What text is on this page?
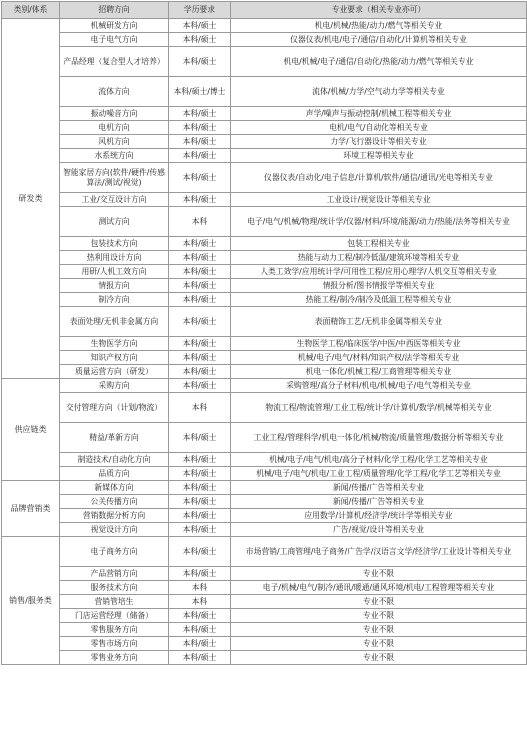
类别/体系	招聘方向	学历要求	专业要求（相关专业亦可）
研发类	机械研发方向	本科/硕士	机电/机械/热能/动力/燃气等相关专业
	电子电气方向	本科/硕士	仪器仪表/机电/电子/通信/自动化/计算机等相关专业
	产品经理（复合型人才培养）	本科/硕士	机电/机械/电子/通信/自动化/热能/动力/燃气等相关专业
	流体方向	本科/硕士/博士	流体/机械/力学/空气动力学等相关专业
	振动噪音方向	本科/硕士	声学/噪声与振动控制/机械工程等相关专业
	电机方向	本科/硕士	电机/电气/自动化等相关专业
	风机方向	本科/硕士	力学/飞行器设计等相关专业
	水系统方向	本科/硕士	环境工程等相关专业
	智能家居方向(软件/硬件/传感算法/测试/视觉)	本科/硕士	仪器仪表/自动化/电子信息/计算机/软件/通信/通讯/光电等相关专业
	工业/交互设计方向	本科/硕士	工业设计/视觉设计等相关专业
	测试方向	本科	电子/电气/机械/物理/统计学/仪器/材料/环境/能源/动力/热能/法务等相关专业
	包装技术方向	本科/硕士	包装工程相关专业
	热利用设计方向	本科/硕士	热能与动力工程/制冷低温/建筑环境等相关专业
	用研/人机工效方向	本科/硕士	人类工效学/应用统计学/可用性工程/应用心理学/人机交互等相关专业
	情报方向	本科/硕士	情报分析/图书情报学等相关专业
	制冷方向	本科/硕士	热能工程/制冷/制冷及低温工程等相关专业
	表面处理/无机非金属方向	本科/硕士	表面精饰工艺/无机非金属等相关专业
	生物医学方向	本科/硕士	生物医学工程/临床医学/中医/中西医等相关专业
	知识产权方向	本科/硕士	机械/电子/电气/材料/知识产权/法学等相关专业
	质量运营方向（研发）	本科/硕士	机电一体化/机械工程/工商管理等相关专业
供应链类	采购方向	本科/硕士	采购管理/高分子材料/机电/机械/电子/电气等相关专业
	交付管理方向（计划/物流）	本科	物流工程/物流管理/工业工程/统计学/计算机/数学/机械等相关专业
	精益/革新方向	本科/硕士	工业工程/管理科学/机电一体化/机械/物流/质量管理/数据分析等相关专业
	制造技术/自动化方向	本科/硕士	机械/电子/电气/机电/高分子材料/化学工程/化学工艺等相关专业
	品质方向	本科/硕士	机械/电子/电气/机电/工业工程/质量管理/化学工程/化学工艺等相关专业
品牌营销类	新媒体方向	本科/硕士	新闻/传播/广告等相关专业
	公关传播方向	本科/硕士	新闻/传播/广告等相关专业
	营销数据分析方向	本科/硕士	应用数学/计算机/经济学/统计学等相关专业
	视觉设计方向	本科/硕士	广告/视觉/设计等相关专业
销售/服务类	电子商务方向	本科/硕士	市场营销/工商管理/电子商务/广告学/汉语言文学/经济学/工业设计等相关专业
	产品营销方向	本科/硕士	专业不限
	服务技术方向	本科	电子/机械/电气/制冷/通讯/暖通/通风环境/机电/工程管理等相关专业
	营销管培生	本科	专业不限
	门店运营经理（储备）	本科/硕士	专业不限
	零售服务方向	本科/硕士	专业不限
	零售市场方向	本科/硕士	专业不限
	零售业务方向	本科/硕士	专业不限
